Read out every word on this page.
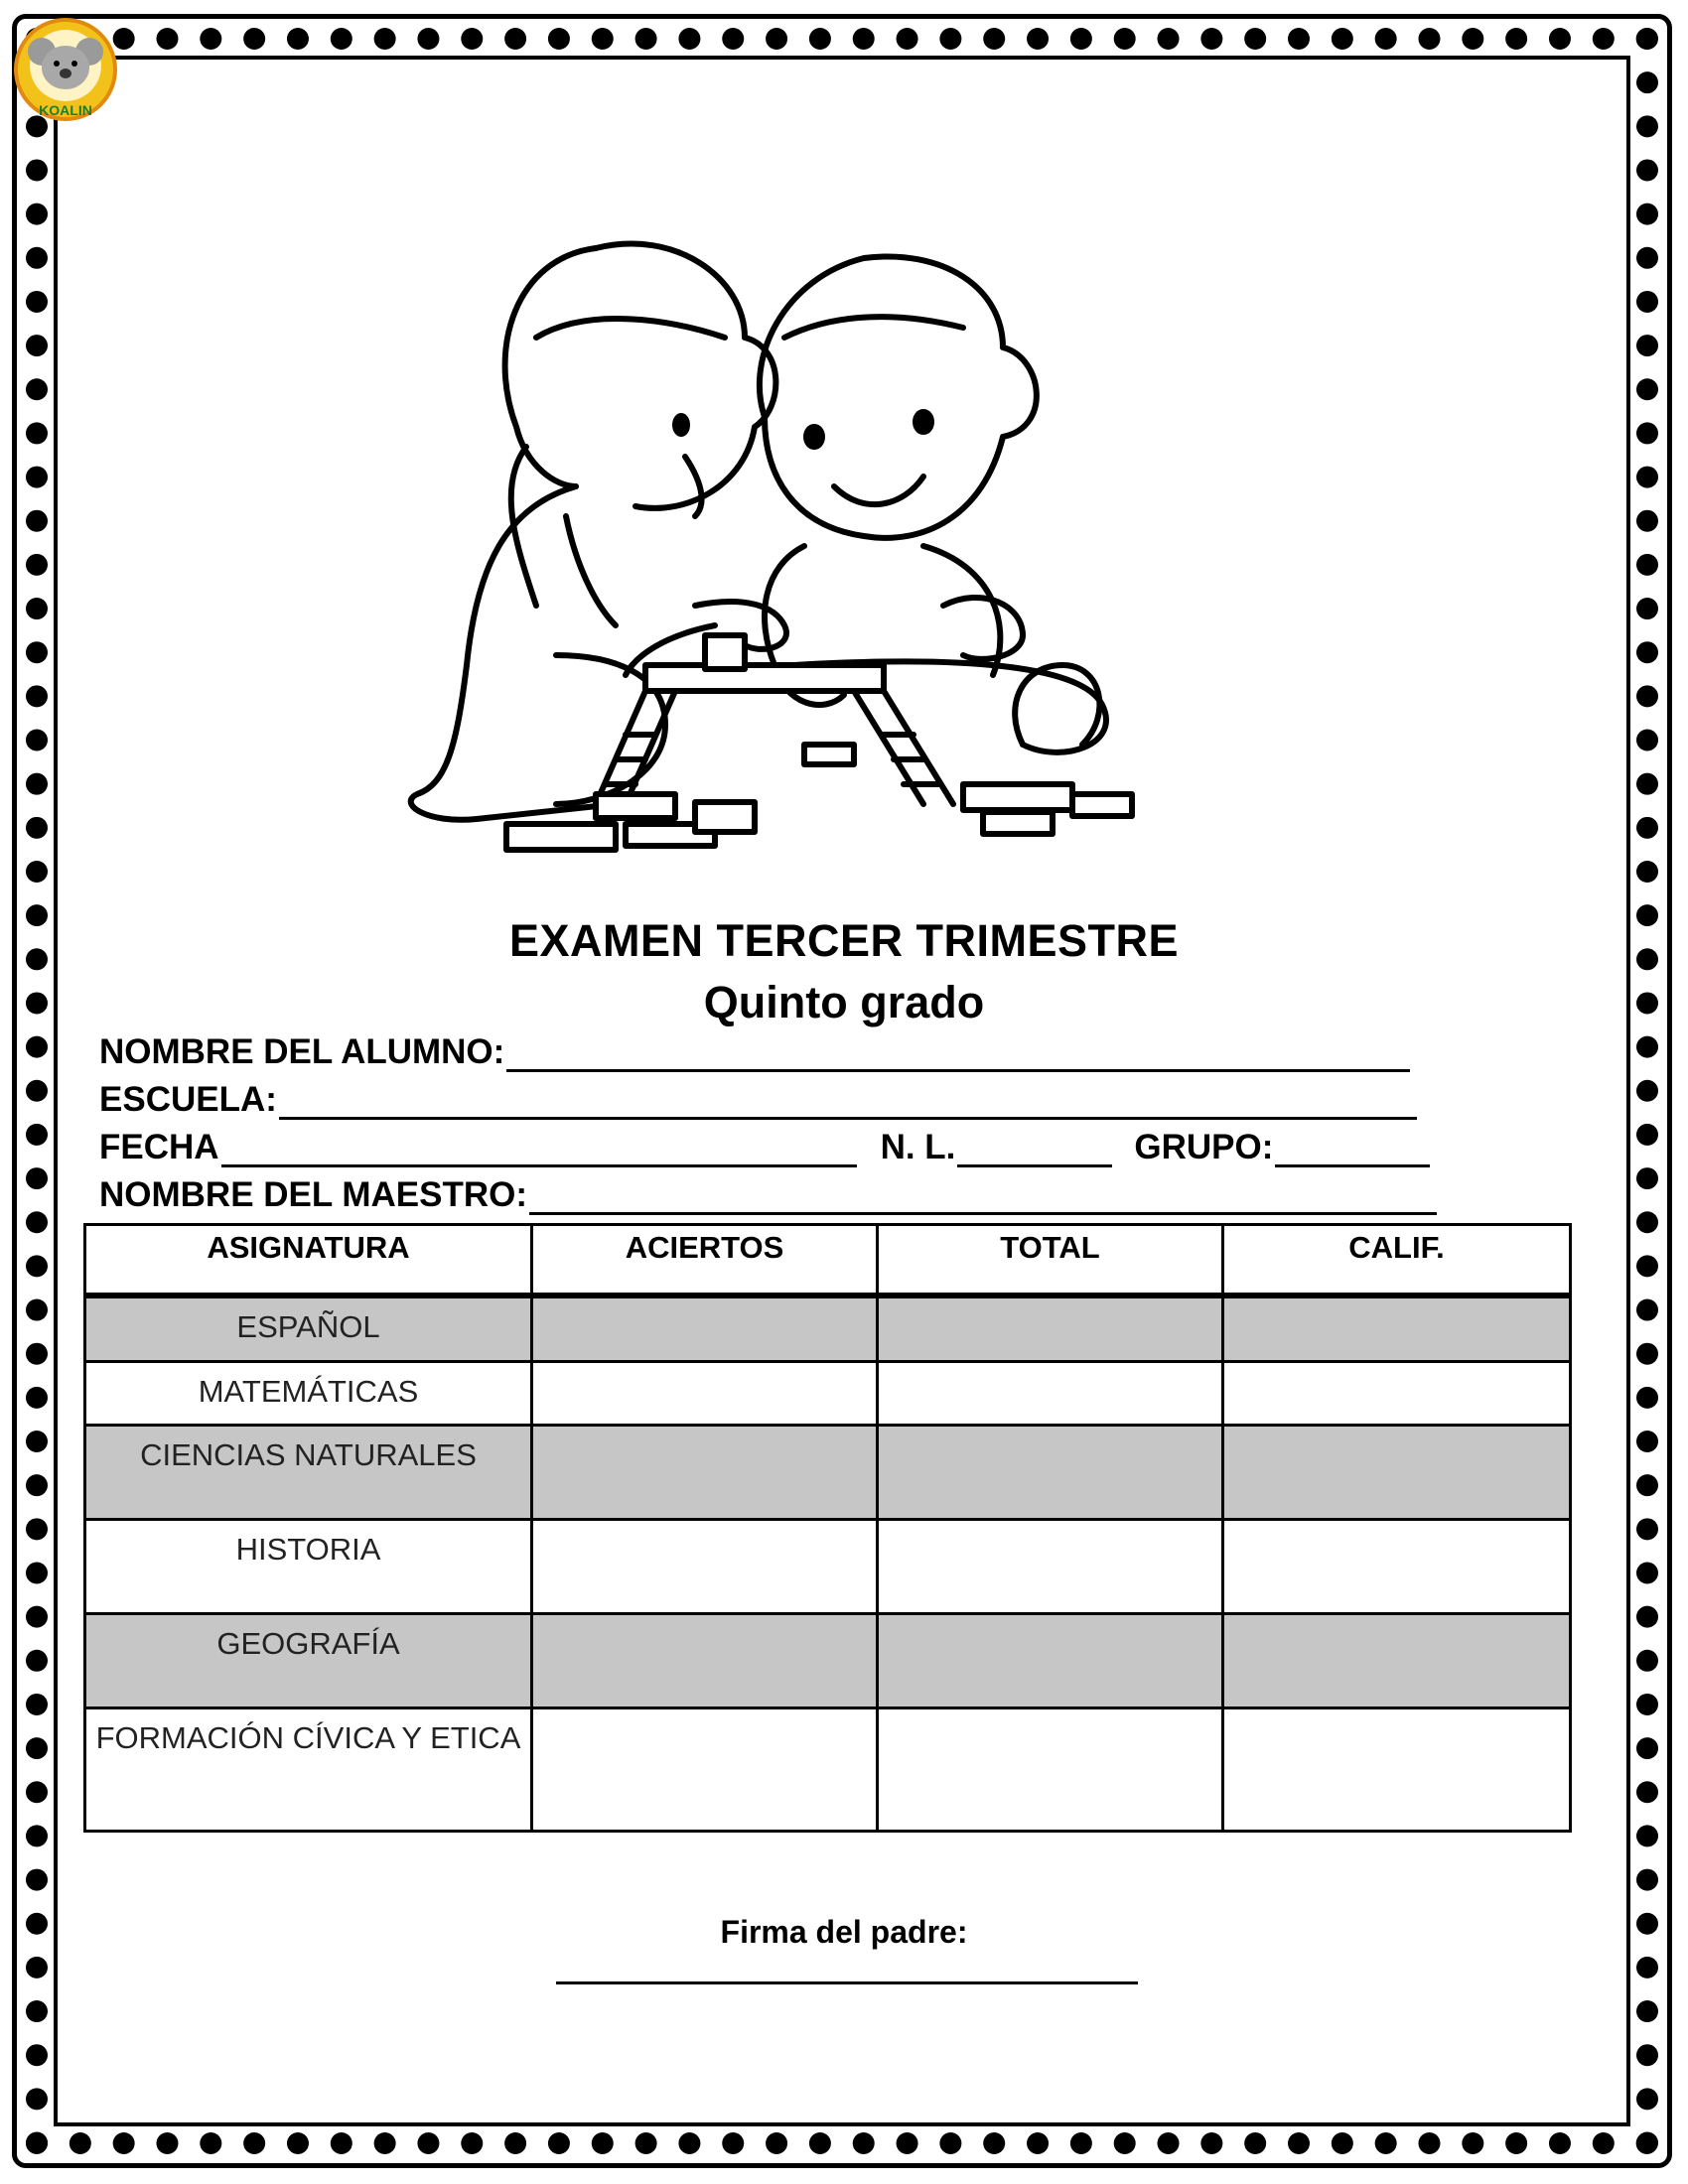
KOALIN
EXAMEN TERCER TRIMESTRE
Quinto grado
NOMBRE DEL ALUMNO:
ESCUELA:
FECHA	N. L.	GRUPO:
NOMBRE DEL MAESTRO:
ASIGNATURA	ACIERTOS	TOTAL	CALIF.
ESPAÑOL			
MATEMÁTICAS			
CIENCIAS NATURALES			
HISTORIA			
GEOGRAFÍA			
FORMACIÓN CÍVICA Y ETICA			
Firma del padre:
